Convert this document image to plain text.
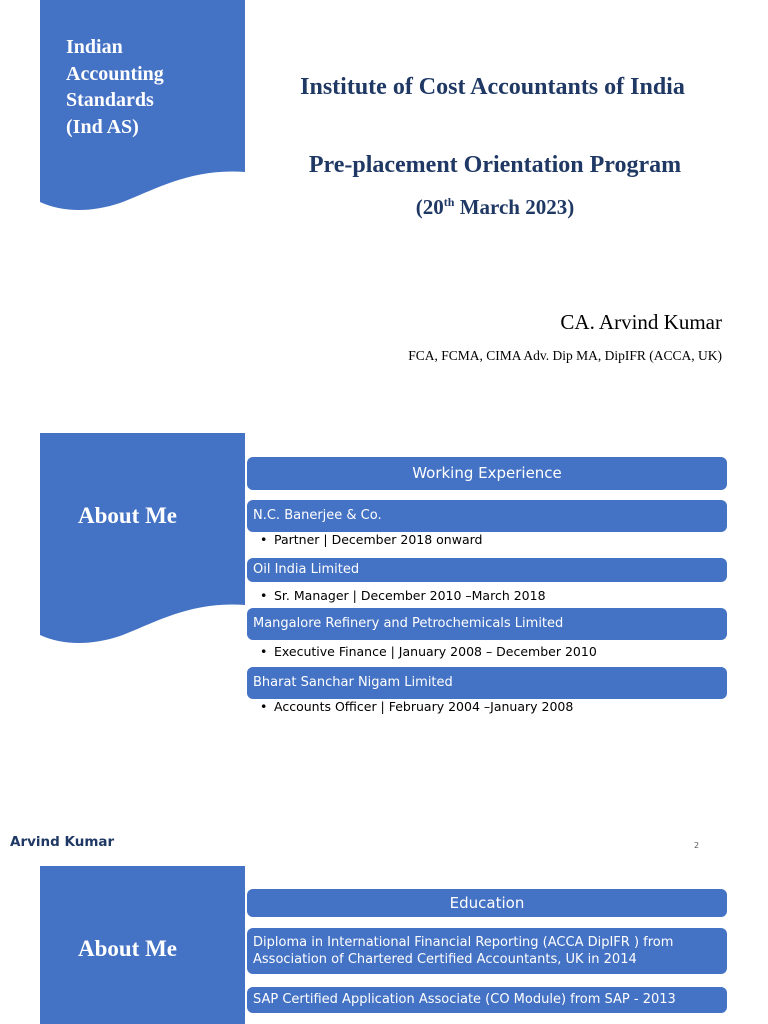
Indian
Accounting
Standards
(Ind AS)
Institute of Cost Accountants of India
Pre-placement Orientation Program
(20th March 2023)
CA. Arvind Kumar
FCA, FCMA, CIMA Adv. Dip MA, DipIFR (ACCA, UK)
About Me
Working Experience
N.C. Banerjee & Co.
• Partner | December 2018 onward
Oil India Limited
• Sr. Manager | December 2010 –March 2018
Mangalore Refinery and Petrochemicals Limited
• Executive Finance | January 2008 – December 2010
Bharat Sanchar Nigam Limited
• Accounts Officer | February 2004 –January 2008
Arvind Kumar	2
About Me
Education
Diploma in International Financial Reporting (ACCA DipIFR ) from Association of Chartered Certified Accountants, UK in 2014
SAP Certified Application Associate (CO Module) from SAP - 2013
